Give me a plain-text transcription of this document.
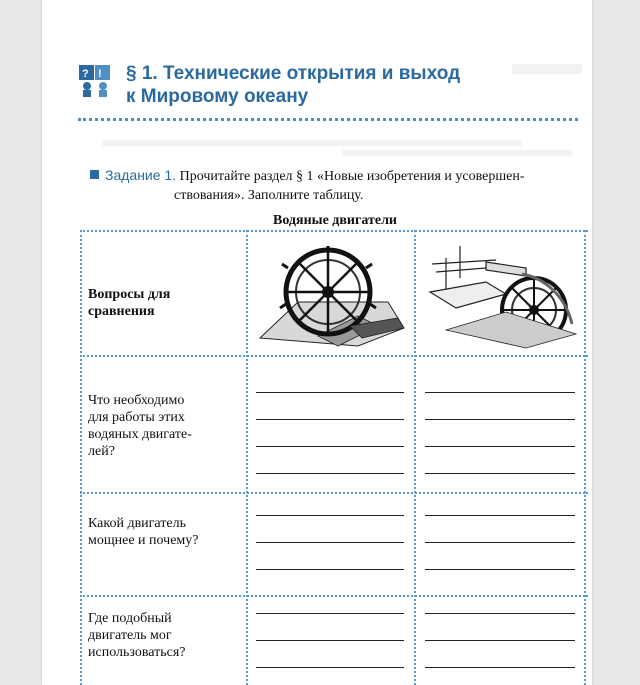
? ! § 1. Технические открытия и выход
к Мировому океану
Задание 1. Прочитайте раздел § 1 «Новые изобретения и усовершен-
ствования». Заполните таблицу.
Водяные двигатели
Вопросы для сравнения
Что необходимо для работы этих водяных двигате-лей?
Какой двигатель мощнее и почему?
Где подобный двигатель мог использоваться?
